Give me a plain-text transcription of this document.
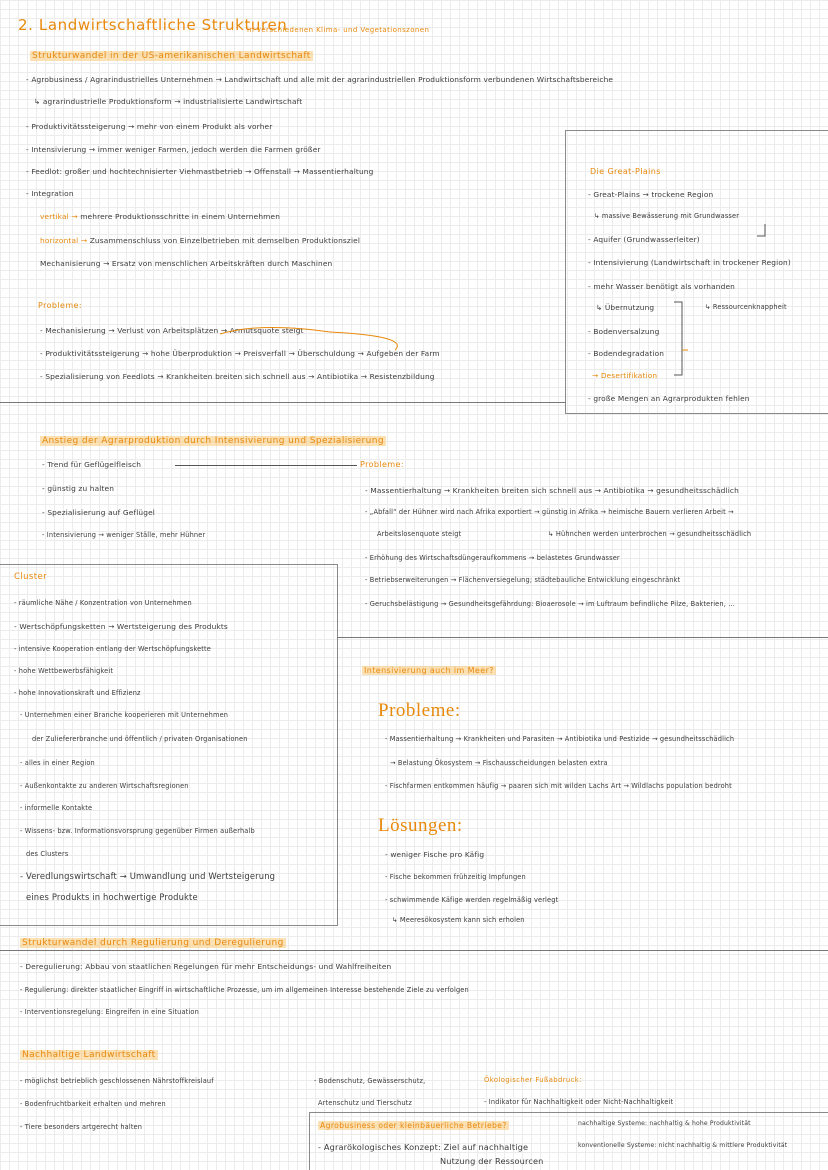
2. Landwirtschaftliche Strukturen
in verschiedenen Klima- und Vegetationszonen
Strukturwandel in der US-amerikanischen Landwirtschaft
- Agrobusiness / Agrarindustrielles Unternehmen → Landwirtschaft und alle mit der agrarindustriellen Produktionsform verbundenen Wirtschaftsbereiche
↳ agrarindustrielle Produktionsform → industrialisierte Landwirtschaft
- Produktivitätssteigerung → mehr von einem Produkt als vorher
- Intensivierung → immer weniger Farmen, jedoch werden die Farmen größer
- Feedlot: großer und hochtechnisierter Viehmastbetrieb → Offenstall → Massentierhaltung
- Integration
vertikal → mehrere Produktionsschritte in einem Unternehmen
horizontal → Zusammenschluss von Einzelbetrieben mit demselben Produktionsziel
Mechanisierung → Ersatz von menschlichen Arbeitskräften durch Maschinen
Probleme:
- Mechanisierung → Verlust von Arbeitsplätzen → Armutsquote steigt
- Produktivitätssteigerung → hohe Überproduktion → Preisverfall → Überschuldung → Aufgeben der Farm
- Spezialisierung von Feedlots → Krankheiten breiten sich schnell aus → Antibiotika → Resistenzbildung
Die Great-Plains
- Great-Plains → trockene Region
↳ massive Bewässerung mit Grundwasser
- Aquifer (Grundwasserleiter)
- Intensivierung (Landwirtschaft in trockener Region)
- mehr Wasser benötigt als vorhanden
↳ Übernutzung	↳ Ressourcenknappheit
- Bodenversalzung
- Bodendegradation
→ Desertifikation
- große Mengen an Agrarprodukten fehlen
Anstieg der Agrarproduktion durch Intensivierung und Spezialisierung
- Trend für Geflügelfleisch
- günstig zu halten
- Spezialisierung auf Geflügel
- Intensivierung → weniger Ställe, mehr Hühner
Probleme:
- Massentierhaltung → Krankheiten breiten sich schnell aus → Antibiotika → gesundheitsschädlich
- „Abfall“ der Hühner wird nach Afrika exportiert → günstig in Afrika → heimische Bauern verlieren Arbeit →
Arbeitslosenquote steigt	↳ Hühnchen werden unterbrochen → gesundheitsschädlich
- Erhöhung des Wirtschaftsdüngeraufkommens → belastetes Grundwasser
- Betriebserweiterungen → Flächenversiegelung; städtebauliche Entwicklung eingeschränkt
- Geruchsbelästigung → Gesundheitsgefährdung: Bioaerosole → im Luftraum befindliche Pilze, Bakterien, ...
Cluster
- räumliche Nähe / Konzentration von Unternehmen
- Wertschöpfungsketten → Wertsteigerung des Produkts
- intensive Kooperation entlang der Wertschöpfungskette
- hohe Wettbewerbsfähigkeit
- hohe Innovationskraft und Effizienz
- Unternehmen einer Branche kooperieren mit Unternehmen
der Zuliefererbranche und öffentlich / privaten Organisationen
- alles in einer Region
- Außenkontakte zu anderen Wirtschaftsregionen
- informelle Kontakte
- Wissens- bzw. Informationsvorsprung gegenüber Firmen außerhalb
des Clusters
- Veredlungswirtschaft → Umwandlung und Wertsteigerung
eines Produkts in hochwertige Produkte
Intensivierung auch im Meer?
Probleme:
- Massentierhaltung → Krankheiten und Parasiten → Antibiotika und Pestizide → gesundheitsschädlich
→ Belastung Ökosystem → Fischausscheidungen belasten extra
- Fischfarmen entkommen häufig → paaren sich mit wilden Lachs Art → Wildlachs population bedroht
Lösungen:
- weniger Fische pro Käfig
- Fische bekommen frühzeitig Impfungen
- schwimmende Käfige werden regelmäßig verlegt
↳ Meeresökosystem kann sich erholen
Strukturwandel durch Regulierung und Deregulierung
- Deregulierung: Abbau von staatlichen Regelungen für mehr Entscheidungs- und Wahlfreiheiten
- Regulierung: direkter staatlicher Eingriff in wirtschaftliche Prozesse, um im allgemeinen Interesse bestehende Ziele zu verfolgen
- Interventionsregelung: Eingreifen in eine Situation
Nachhaltige Landwirtschaft
- möglichst betrieblich geschlossenen Nährstoffkreislauf
- Bodenfruchtbarkeit erhalten und mehren
- Tiere besonders artgerecht halten
- Bodenschutz, Gewässerschutz,
Artenschutz und Tierschutz
Ökologischer Fußabdruck:
- Indikator für Nachhaltigkeit oder Nicht-Nachhaltigkeit
Agrobusiness oder kleinbäuerliche Betriebe?
- Agrarökologisches Konzept: Ziel auf nachhaltige
Nutzung der Ressourcen
nachhaltige Systeme: nachhaltig & hohe Produktivität
konventionelle Systeme: nicht nachhaltig & mittlere Produktivität
